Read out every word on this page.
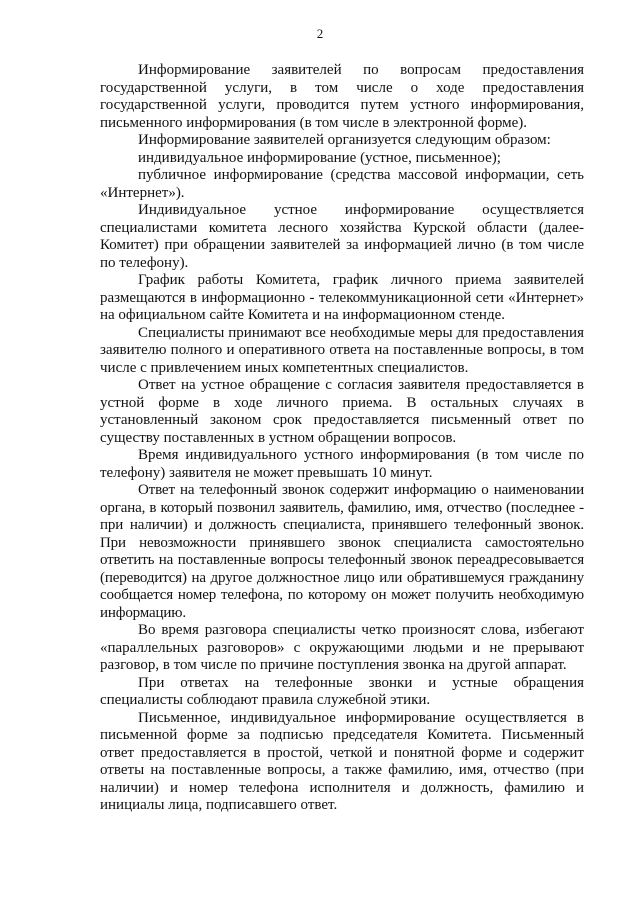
2

Информирование заявителей по вопросам предоставления государственной услуги, в том числе о ходе предоставления государственной услуги, проводится путем устного информирования, письменного информирования (в том числе в электронной форме).

Информирование заявителей организуется следующим образом:

индивидуальное информирование (устное, письменное);

публичное информирование (средства массовой информации, сеть «Интернет»).

Индивидуальное устное информирование осуществляется специалистами комитета лесного хозяйства Курской области (далее-Комитет) при обращении заявителей за информацией лично (в том числе по телефону).

График работы Комитета, график личного приема заявителей размещаются в информационно - телекоммуникационной сети «Интернет» на официальном сайте Комитета и на информационном стенде.

Специалисты принимают все необходимые меры для предоставления заявителю полного и оперативного ответа на поставленные вопросы, в том числе с привлечением иных компетентных специалистов.

Ответ на устное обращение с согласия заявителя предоставляется в устной форме в ходе личного приема. В остальных случаях в установленный законом срок предоставляется письменный ответ по существу поставленных в устном обращении вопросов.

Время индивидуального устного информирования (в том числе по телефону) заявителя не может превышать 10 минут.

Ответ на телефонный звонок содержит информацию о наименовании органа, в который позвонил заявитель, фамилию, имя, отчество (последнее - при наличии) и должность специалиста, принявшего телефонный звонок. При невозможности принявшего звонок специалиста самостоятельно ответить на поставленные вопросы телефонный звонок переадресовывается (переводится) на другое должностное лицо или обратившемуся гражданину сообщается номер телефона, по которому он может получить необходимую информацию.

Во время разговора специалисты четко произносят слова, избегают «параллельных разговоров» с окружающими людьми и не прерывают разговор, в том числе по причине поступления звонка на другой аппарат.

При ответах на телефонные звонки и устные обращения специалисты соблюдают правила служебной этики.

Письменное, индивидуальное информирование осуществляется в письменной форме за подписью председателя Комитета. Письменный ответ предоставляется в простой, четкой и понятной форме и содержит ответы на поставленные вопросы, а также фамилию, имя, отчество (при наличии) и номер телефона исполнителя и должность, фамилию и инициалы лица, подписавшего ответ.
